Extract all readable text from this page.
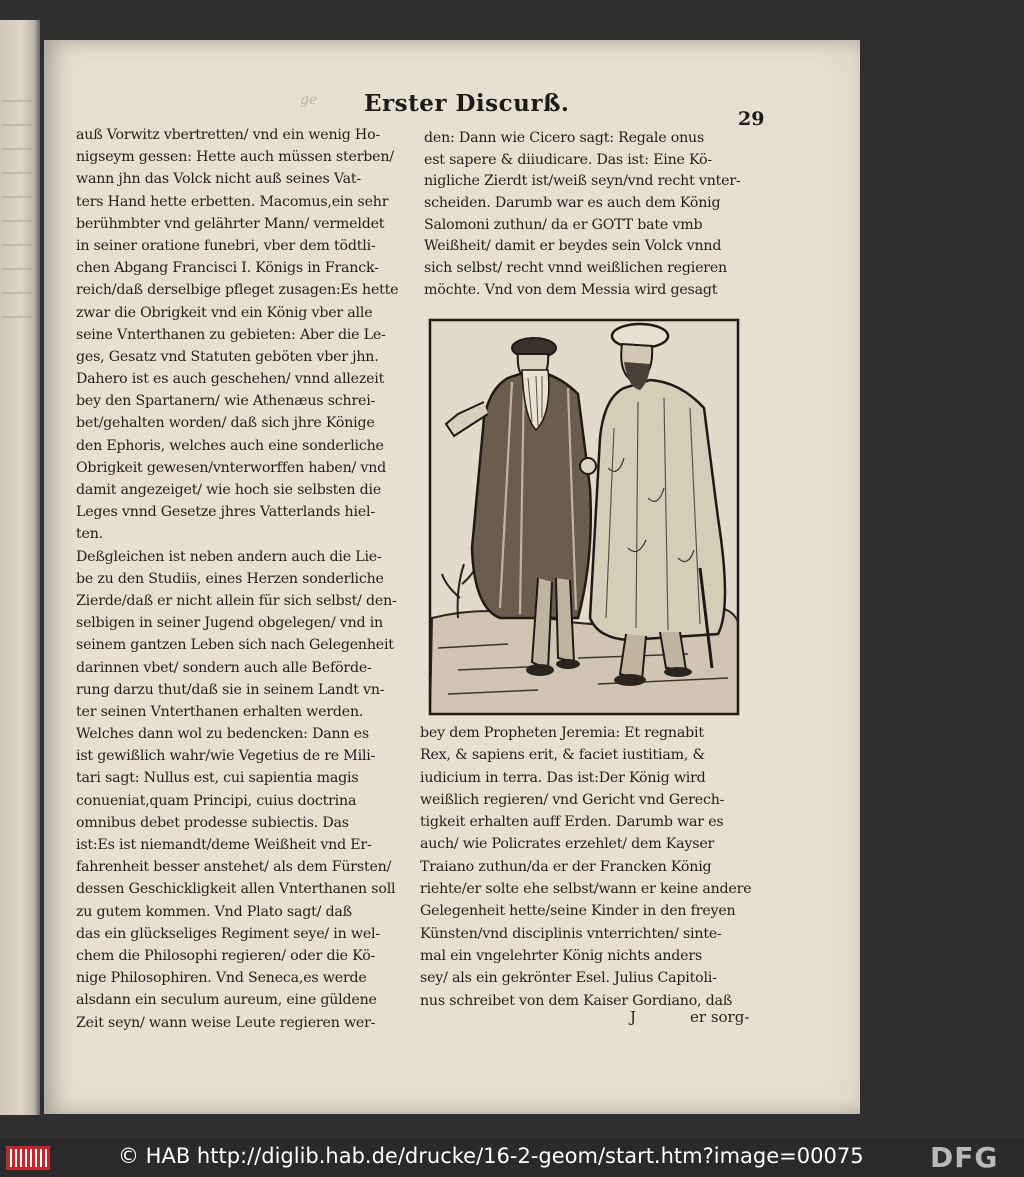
ge Erster Discurß.
29
auß Vorwitz vbertretten/ vnd ein wenig Ho-
nigseym gessen: Hette auch müssen sterben/
wann jhn das Volck nicht auß seines Vat-
ters Hand hette erbetten. Macomus,ein sehr
berühmbter vnd gelährter Mann/ vermeldet
in seiner oratione funebri, vber dem tödtli-
chen Abgang Francisci I. Königs in Franck-
reich/daß derselbige pfleget zusagen:Es hette
zwar die Obrigkeit vnd ein König vber alle
seine Vnterthanen zu gebieten: Aber die Le-
ges, Gesatz vnd Statuten geböten vber jhn.
Dahero ist es auch geschehen/ vnnd allezeit
bey den Spartanern/ wie Athenæus schrei-
bet/gehalten worden/ daß sich jhre Könige
den Ephoris, welches auch eine sonderliche
Obrigkeit gewesen/vnterworffen haben/ vnd
damit angezeiget/ wie hoch sie selbsten die
Leges vnnd Gesetze jhres Vatterlands hiel-
ten.
Deßgleichen ist neben andern auch die Lie-
be zu den Studiis, eines Herzen sonderliche
Zierde/daß er nicht allein für sich selbst/ den-
selbigen in seiner Jugend obgelegen/ vnd in
seinem gantzen Leben sich nach Gelegenheit
darinnen vbet/ sondern auch alle Beförde-
rung darzu thut/daß sie in seinem Landt vn-
ter seinen Vnterthanen erhalten werden.
Welches dann wol zu bedencken: Dann es
ist gewißlich wahr/wie Vegetius de re Mili-
tari sagt: Nullus est, cui sapientia magis
conueniat,quam Principi, cuius doctrina
omnibus debet prodesse subiectis. Das
ist:Es ist niemandt/deme Weißheit vnd Er-
fahrenheit besser anstehet/ als dem Fürsten/
dessen Geschickligkeit allen Vnterthanen soll
zu gutem kommen. Vnd Plato sagt/ daß
das ein glückseliges Regiment seye/ in wel-
chem die Philosophi regieren/ oder die Kö-
nige Philosophiren. Vnd Seneca,es werde
alsdann ein seculum aureum, eine güldene
Zeit seyn/ wann weise Leute regieren wer-
den: Dann wie Cicero sagt: Regale onus
est sapere & diiudicare. Das ist: Eine Kö-
nigliche Zierdt ist/weiß seyn/vnd recht vnter-
scheiden. Darumb war es auch dem König
Salomoni zuthun/ da er GOTT bate vmb
Weißheit/ damit er beydes sein Volck vnnd
sich selbst/ recht vnnd weißlichen regieren
möchte. Vnd von dem Messia wird gesagt
bey dem Propheten Jeremia: Et regnabit
Rex, & sapiens erit, & faciet iustitiam, &
iudicium in terra. Das ist:Der König wird
weißlich regieren/ vnd Gericht vnd Gerech-
tigkeit erhalten auff Erden. Darumb war es
auch/ wie Policrates erzehlet/ dem Kayser
Traiano zuthun/da er der Francken König
riehte/er solte ehe selbst/wann er keine andere
Gelegenheit hette/seine Kinder in den freyen
Künsten/vnd disciplinis vnterrichten/ sinte-
mal ein vngelehrter König nichts anders
sey/ als ein gekrönter Esel. Julius Capitoli-
nus schreibet von dem Kaiser Gordiano, daß
J	er sorg-
© HAB http://diglib.hab.de/drucke/16-2-geom/start.htm?image=00075 DFG
